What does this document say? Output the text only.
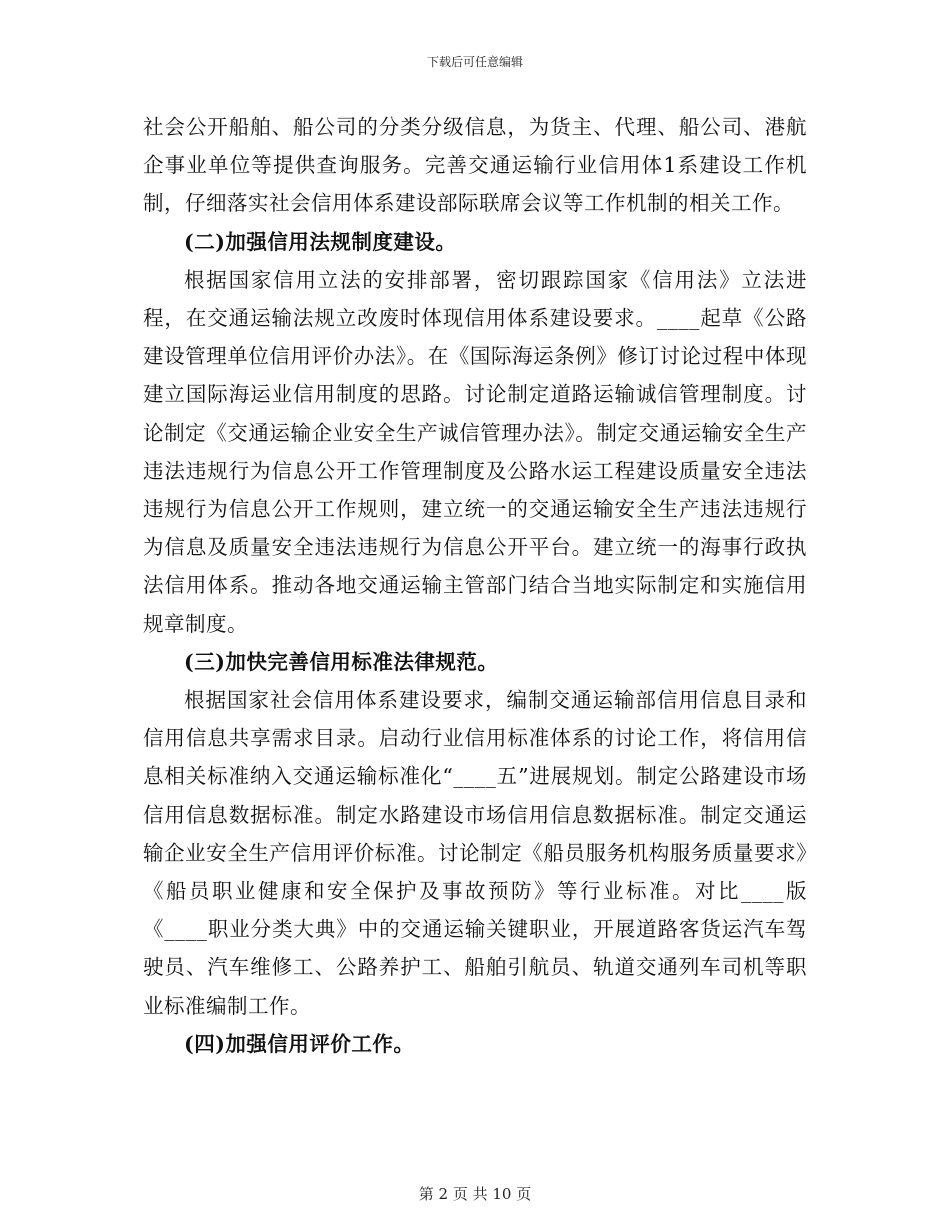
下载后可任意编辑

社会公开船舶、船公司的分类分级信息，为货主、代理、船公司、港航企事业单位等提供查询服务。完善交通运输行业信用体1系建设工作机制，仔细落实社会信用体系建设部际联席会议等工作机制的相关工作。

(二)加强信用法规制度建设。

根据国家信用立法的安排部署，密切跟踪国家《信用法》立法进程，在交通运输法规立改废时体现信用体系建设要求。____起草《公路建设管理单位信用评价办法》。在《国际海运条例》修订讨论过程中体现建立国际海运业信用制度的思路。讨论制定道路运输诚信管理制度。讨论制定《交通运输企业安全生产诚信管理办法》。制定交通运输安全生产违法违规行为信息公开工作管理制度及公路水运工程建设质量安全违法违规行为信息公开工作规则，建立统一的交通运输安全生产违法违规行为信息及质量安全违法违规行为信息公开平台。建立统一的海事行政执法信用体系。推动各地交通运输主管部门结合当地实际制定和实施信用规章制度。

(三)加快完善信用标准法律规范。

根据国家社会信用体系建设要求，编制交通运输部信用信息目录和信用信息共享需求目录。启动行业信用标准体系的讨论工作，将信用信息相关标准纳入交通运输标准化“____五”进展规划。制定公路建设市场信用信息数据标准。制定水路建设市场信用信息数据标准。制定交通运输企业安全生产信用评价标准。讨论制定《船员服务机构服务质量要求》《船员职业健康和安全保护及事故预防》等行业标准。对比____版《____职业分类大典》中的交通运输关键职业，开展道路客货运汽车驾驶员、汽车维修工、公路养护工、船舶引航员、轨道交通列车司机等职业标准编制工作。

(四)加强信用评价工作。

第 2 页 共 10 页
